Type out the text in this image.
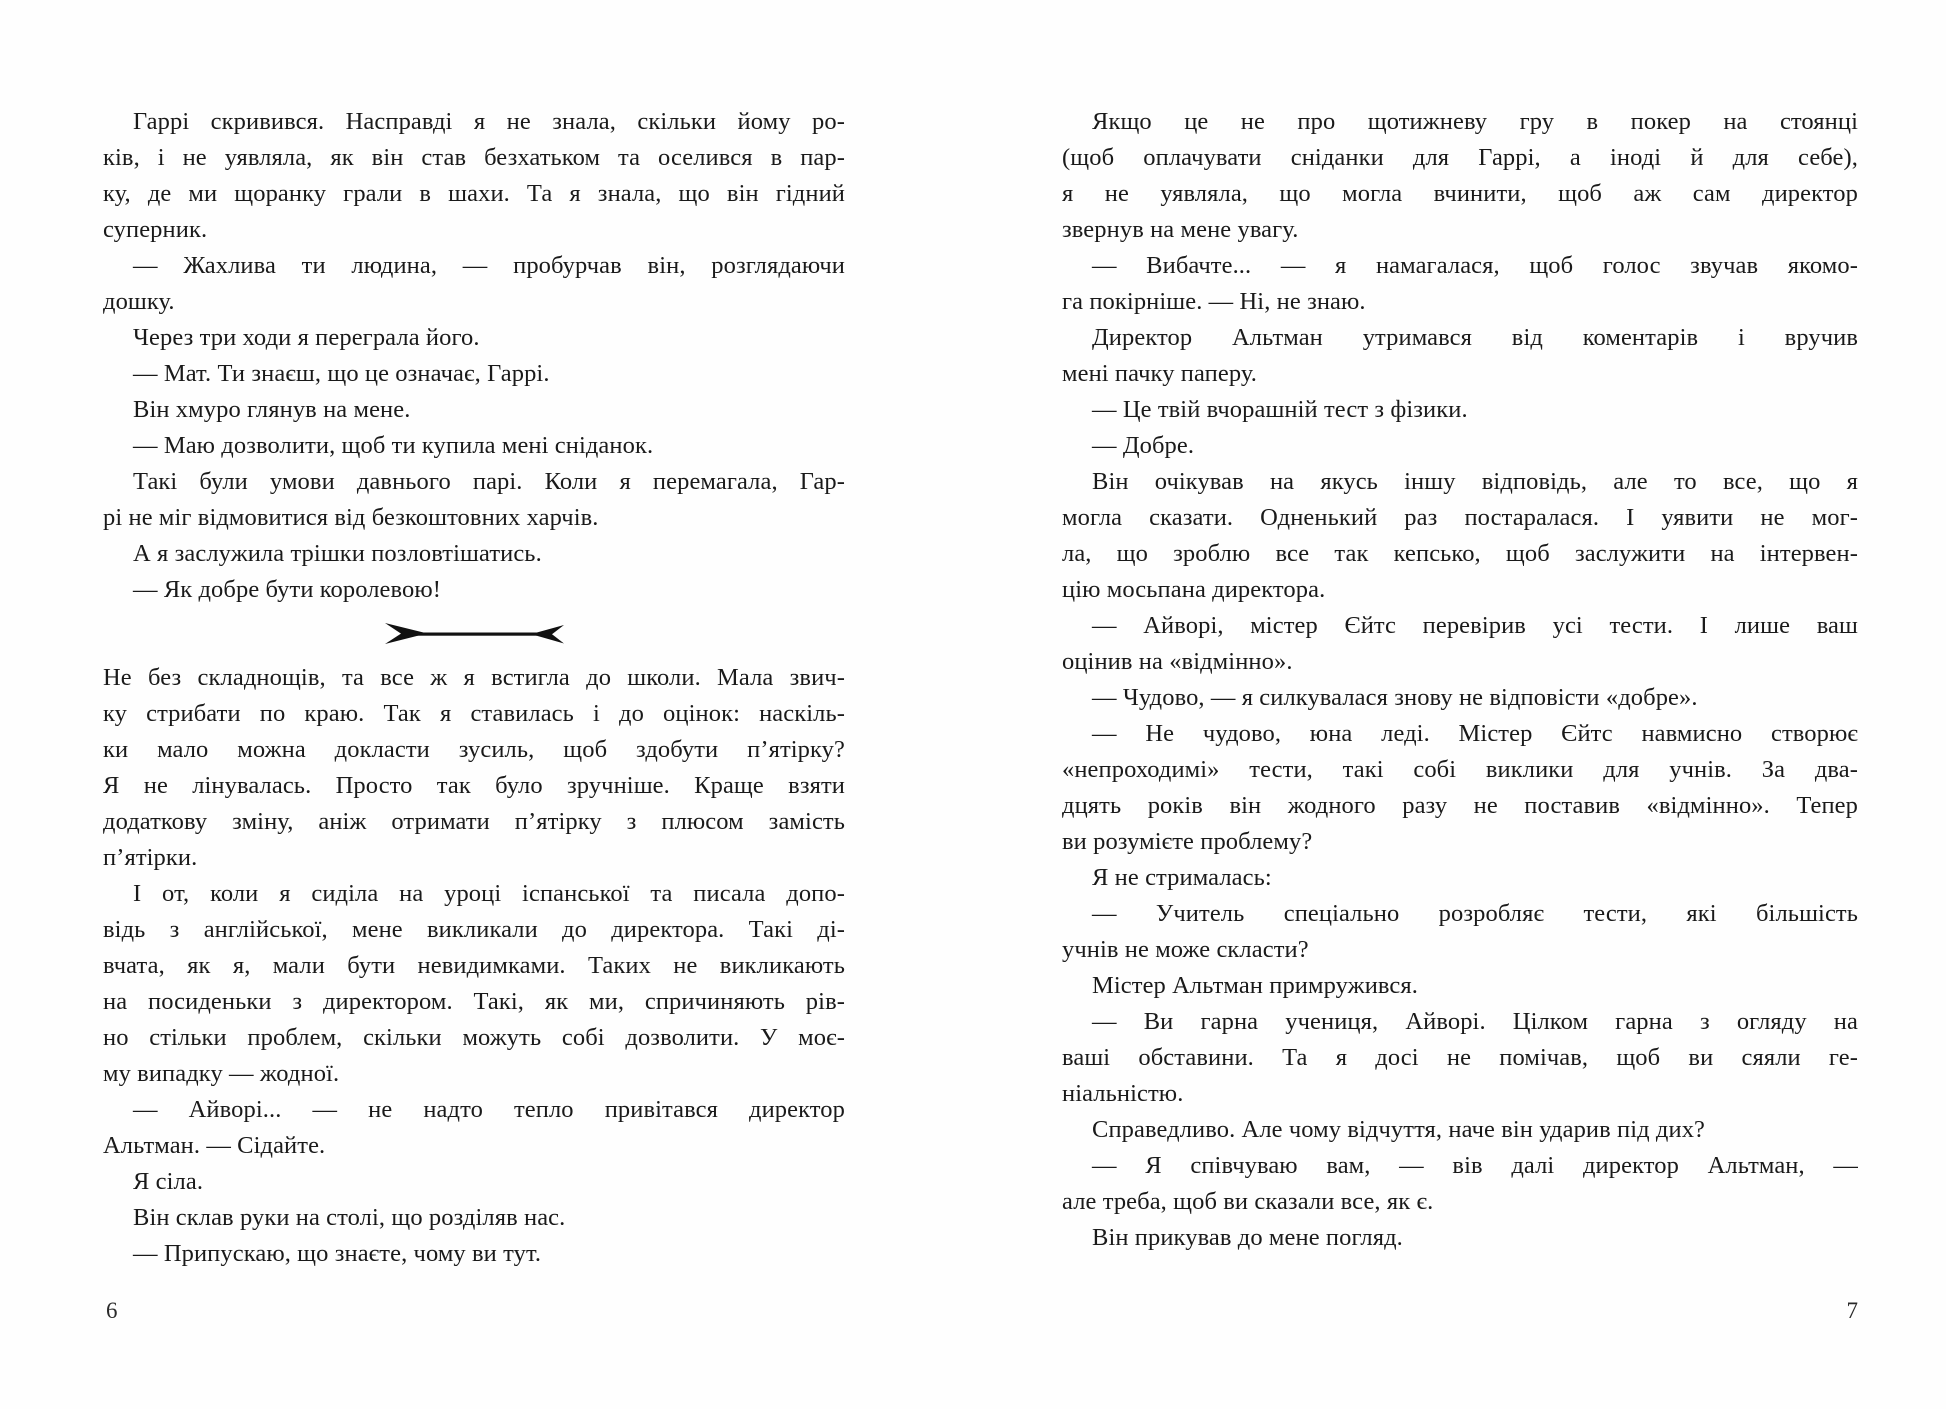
Гаррі скривився. Насправді я не знала, скільки йому ро-
ків, і не уявляла, як він став безхатьком та оселився в пар-
ку, де ми щоранку грали в шахи. Та я знала, що він гідний
суперник.
— Жахлива ти людина, — пробурчав він, розглядаючи
дошку.
Через три ходи я переграла його.
— Мат. Ти знаєш, що це означає, Гаррі.
Він хмуро глянув на мене.
— Маю дозволити, щоб ти купила мені сніданок.
Такі були умови давнього парі. Коли я перемагала, Гар-
рі не міг відмовитися від безкоштовних харчів.
А я заслужила трішки позловтішатись.
— Як добре бути королевою!
Не без складнощів, та все ж я встигла до школи. Мала звич-
ку стрибати по краю. Так я ставилась і до оцінок: наскіль-
ки мало можна докласти зусиль, щоб здобути п’ятірку?
Я не лінувалась. Просто так було зручніше. Краще взяти
додаткову зміну, аніж отримати п’ятірку з плюсом замість
п’ятірки.
І от, коли я сиділа на уроці іспанської та писала допо-
відь з англійської, мене викликали до директора. Такі ді-
вчата, як я, мали бути невидимками. Таких не викликають
на посиденьки з директором. Такі, як ми, спричиняють рів-
но стільки проблем, скільки можуть собі дозволити. У моє-
му випадку — жодної.
— Айворі... — не надто тепло привітався директор
Альтман. — Сідайте.
Я сіла.
Він склав руки на столі, що розділяв нас.
— Припускаю, що знаєте, чому ви тут.
Якщо це не про щотижневу гру в покер на стоянці
(щоб оплачувати сніданки для Гаррі, а іноді й для себе),
я не уявляла, що могла вчинити, щоб аж сам директор
звернув на мене увагу.
— Вибачте... — я намагалася, щоб голос звучав якомо-
га покірніше. — Ні, не знаю.
Директор Альтман утримався від коментарів і вручив
мені пачку паперу.
— Це твій вчорашній тест з фізики.
— Добре.
Він очікував на якусь іншу відповідь, але то все, що я
могла сказати. Одненький раз постаралася. І уявити не мог-
ла, що зроблю все так кепсько, щоб заслужити на інтервен-
цію мосьпана директора.
— Айворі, містер Єйтс перевірив усі тести. І лише ваш
оцінив на «відмінно».
— Чудово, — я силкувалася знову не відповісти «добре».
— Не чудово, юна леді. Містер Єйтс навмисно створює
«непроходимі» тести, такі собі виклики для учнів. За два-
дцять років він жодного разу не поставив «відмінно». Тепер
ви розумієте проблему?
Я не стрималась:
— Учитель спеціально розробляє тести, які більшість
учнів не може скласти?
Містер Альтман примружився.
— Ви гарна учениця, Айворі. Цілком гарна з огляду на
ваші обставини. Та я досі не помічав, щоб ви сяяли ге-
ніальністю.
Справедливо. Але чому відчуття, наче він ударив під дих?
— Я співчуваю вам, — вів далі директор Альтман, —
але треба, щоб ви сказали все, як є.
Він прикував до мене погляд.
6	7
